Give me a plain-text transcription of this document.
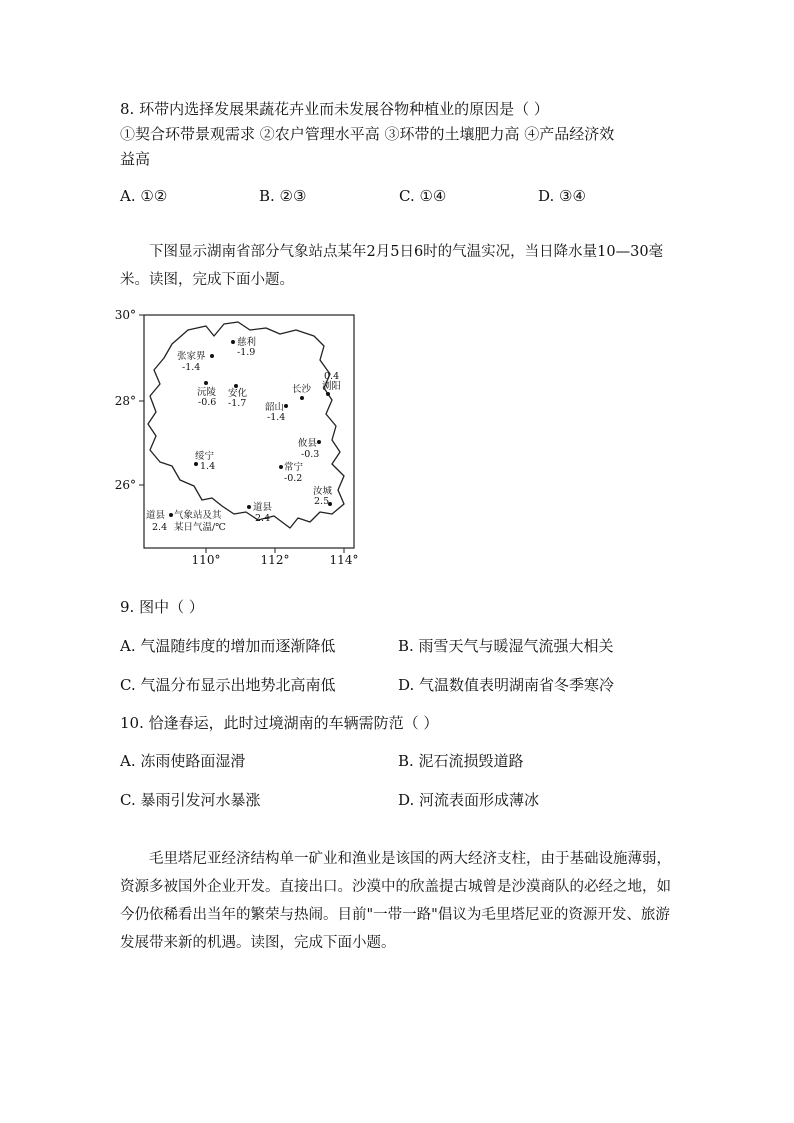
8. 环带内选择发展果蔬花卉业而未发展谷物种植业的原因是（ ）
①契合环带景观需求 ②农户管理水平高 ③环带的土壤肥力高 ④产品经济效
益高
A. ①②	B. ②③	C. ①④	D. ③④

下图显示湖南省部分气象站点某年2月5日6时的气温实况，当日降水量10—30毫米。读图，完成下面小题。

30°
28°
26°
110°	112°	114°
慈利
-1.9
张家界
-1.4
沅陵
-0.6
安化
-1.7
长沙 浏阳
0.4
韶山
-1.4
攸县
-0.3
绥宁
1.4	常宁
-0.2
汝城
2.5
道县
2.4
道县 气象站及其
2.4 某日气温/℃
9. 图中（ ）
A. 气温随纬度的增加而逐渐降低	B. 雨雪天气与暖湿气流强大相关
C. 气温分布显示出地势北高南低	D. 气温数值表明湖南省冬季寒冷
10. 恰逢春运，此时过境湖南的车辆需防范（ ）
A. 冻雨使路面湿滑	B. 泥石流损毁道路
C. 暴雨引发河水暴涨	D. 河流表面形成薄冰

毛里塔尼亚经济结构单一矿业和渔业是该国的两大经济支柱，由于基础设施薄弱，资源多被国外企业开发。直接出口。沙漠中的欣盖提古城曾是沙漠商队的必经之地，如今仍依稀看出当年的繁荣与热闹。目前"一带一路"倡议为毛里塔尼亚的资源开发、旅游发展带来新的机遇。读图，完成下面小题。
